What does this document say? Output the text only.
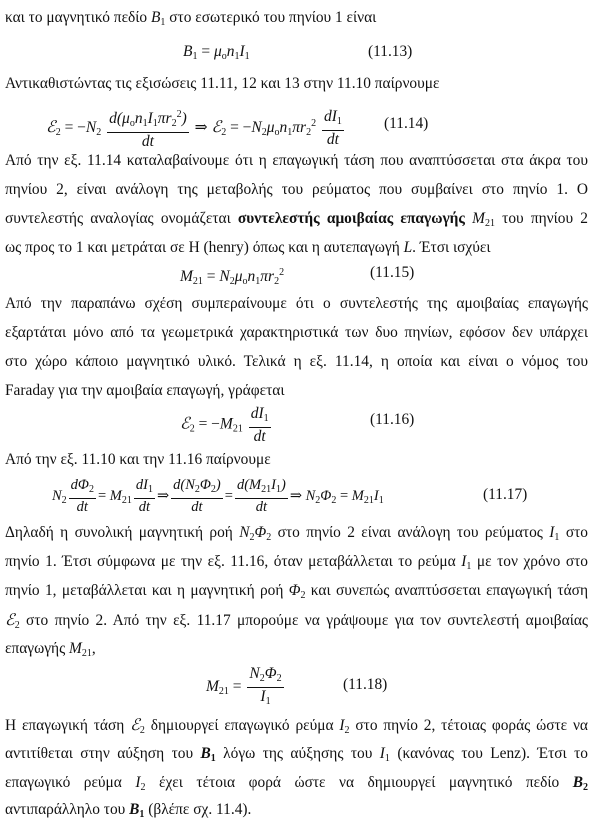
και το μαγνητικό πεδίο $B_1$ στο εσωτερικό του πηνίου 1 είναι
$B_1 = \mu_on_1I_1$	(11.13)
Αντικαθιστώντας τις εξισώσεις 11.11, 12 και 13 στην 11.10 παίρνουμε
ℰ$_2$ = $-N_2 \frac{d(\mu_on_1I_1\pi r_2^2)}{dt}$ ⇒ ℰ$_2$ = $-N_2\mu_on_1\pi r_2^2 \frac{dI_1}{dt}$	(11.14)
Από την εξ. 11.14 καταλαβαίνουμε ότι η επαγωγική τάση που αναπτύσσεται στα άκρα του
πηνίου 2, είναι ανάλογη της μεταβολής του ρεύματος που συμβαίνει στο πηνίο 1. Ο
συντελεστής αναλογίας ονομάζεται συντελεστής αμοιβαίας επαγωγής $M_{21}$ του πηνίου 2
ως προς το 1 και μετράται σε Η (henry) όπως και η αυτεπαγωγή L. Έτσι ισχύει
$M_{21} = N_2\mu_on_1\pi r_2^2$	(11.15)
Από την παραπάνω σχέση συμπεραίνουμε ότι ο συντελεστής της αμοιβαίας επαγωγής
εξαρτάται μόνο από τα γεωμετρικά χαρακτηριστικά των δυο πηνίων, εφόσον δεν υπάρχει
στο χώρο κάποιο μαγνητικό υλικό. Τελικά η εξ. 11.14, η οποία και είναι ο νόμος του
Faraday για την αμοιβαία επαγωγή, γράφεται
ℰ$_2$ = $-M_{21} \frac{dI_1}{dt}$	(11.16)
Από την εξ. 11.10 και την 11.16 παίρνουμε
$N_2 \frac{d\Phi_2}{dt} = M_{21} \frac{dI_1}{dt}$ ⇒ $\frac{d(N_2\Phi_2)}{dt} = \frac{d(M_{21}I_1)}{dt}$ ⇒ $N_2\Phi_2 = M_{21}I_1$	(11.17)
Δηλαδή η συνολική μαγνητική ροή $N_2\Phi_2$ στο πηνίο 2 είναι ανάλογη του ρεύματος $I_1$ στο
πηνίο 1. Έτσι σύμφωνα με την εξ. 11.16, όταν μεταβάλλεται το ρεύμα $I_1$ με τον χρόνο στο
πηνίο 1, μεταβάλλεται και η μαγνητική ροή $\Phi_2$ και συνεπώς αναπτύσσεται επαγωγική τάση
ℰ$_2$ στο πηνίο 2. Από την εξ. 11.17 μπορούμε να γράψουμε για τον συντελεστή αμοιβαίας
επαγωγής $M_{21}$,
$M_{21} = \frac{N_2\Phi_2}{I_1}$	(11.18)
Η επαγωγική τάση ℰ$_2$ δημιουργεί επαγωγικό ρεύμα $I_2$ στο πηνίο 2, τέτοιας φοράς ώστε να
αντιτίθεται στην αύξηση του $B_1$ λόγω της αύξησης του $I_1$ (κανόνας του Lenz). Έτσι το
επαγωγικό ρεύμα $I_2$ έχει τέτοια φορά ώστε να δημιουργεί μαγνητικό πεδίο $B_2$
αντιπαράλληλο του $B_1$ (βλέπε σχ. 11.4).
